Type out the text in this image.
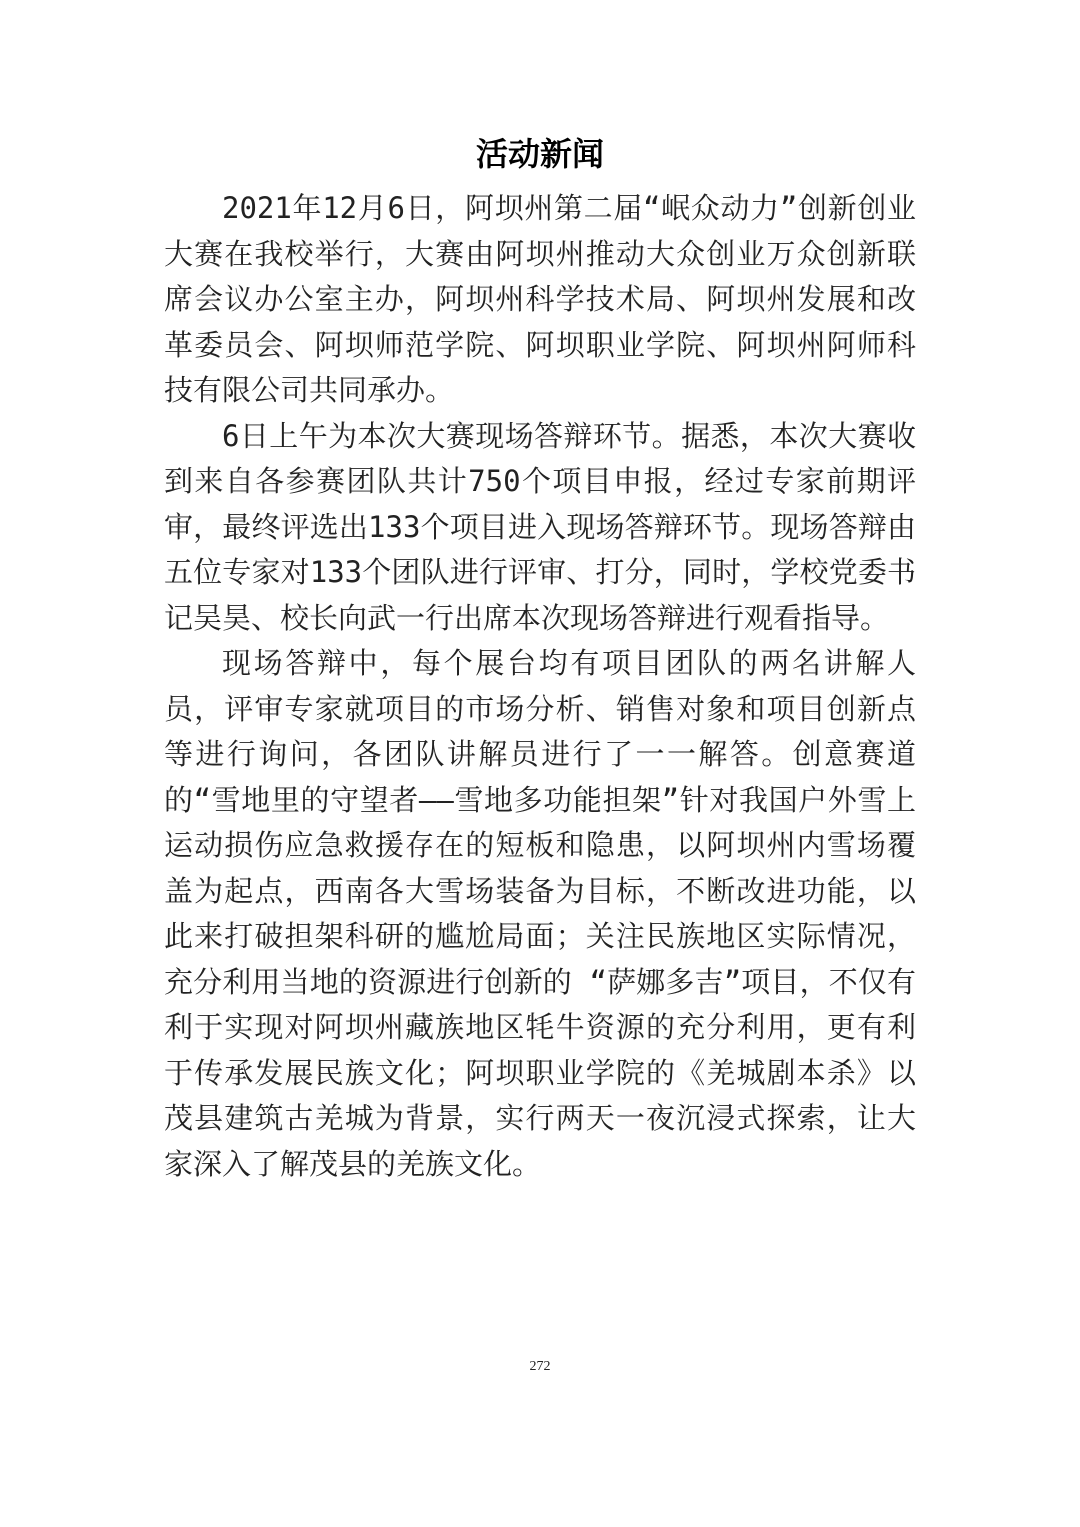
活动新闻

2021年12月6日，阿坝州第二届“岷众动力”创新创业大赛在我校举行，大赛由阿坝州推动大众创业万众创新联席会议办公室主办，阿坝州科学技术局、阿坝州发展和改革委员会、阿坝师范学院、阿坝职业学院、阿坝州阿师科技有限公司共同承办。

6日上午为本次大赛现场答辩环节。据悉，本次大赛收到来自各参赛团队共计750个项目申报，经过专家前期评审，最终评选出133个项目进入现场答辩环节。现场答辩由五位专家对133个团队进行评审、打分，同时，学校党委书记吴昊、校长向武一行出席本次现场答辩进行观看指导。

现场答辩中，每个展台均有项目团队的两名讲解人员，评审专家就项目的市场分析、销售对象和项目创新点等进行询问，各团队讲解员进行了一一解答。创意赛道的“雪地里的守望者——雪地多功能担架”针对我国户外雪上运动损伤应急救援存在的短板和隐患，以阿坝州内雪场覆盖为起点，西南各大雪场装备为目标，不断改进功能，以此来打破担架科研的尴尬局面；关注民族地区实际情况，充分利用当地的资源进行创新的 “萨娜多吉”项目，不仅有利于实现对阿坝州藏族地区牦牛资源的充分利用，更有利于传承发展民族文化；阿坝职业学院的《羌城剧本杀》以茂县建筑古羌城为背景，实行两天一夜沉浸式探索，让大家深入了解茂县的羌族文化。

272
